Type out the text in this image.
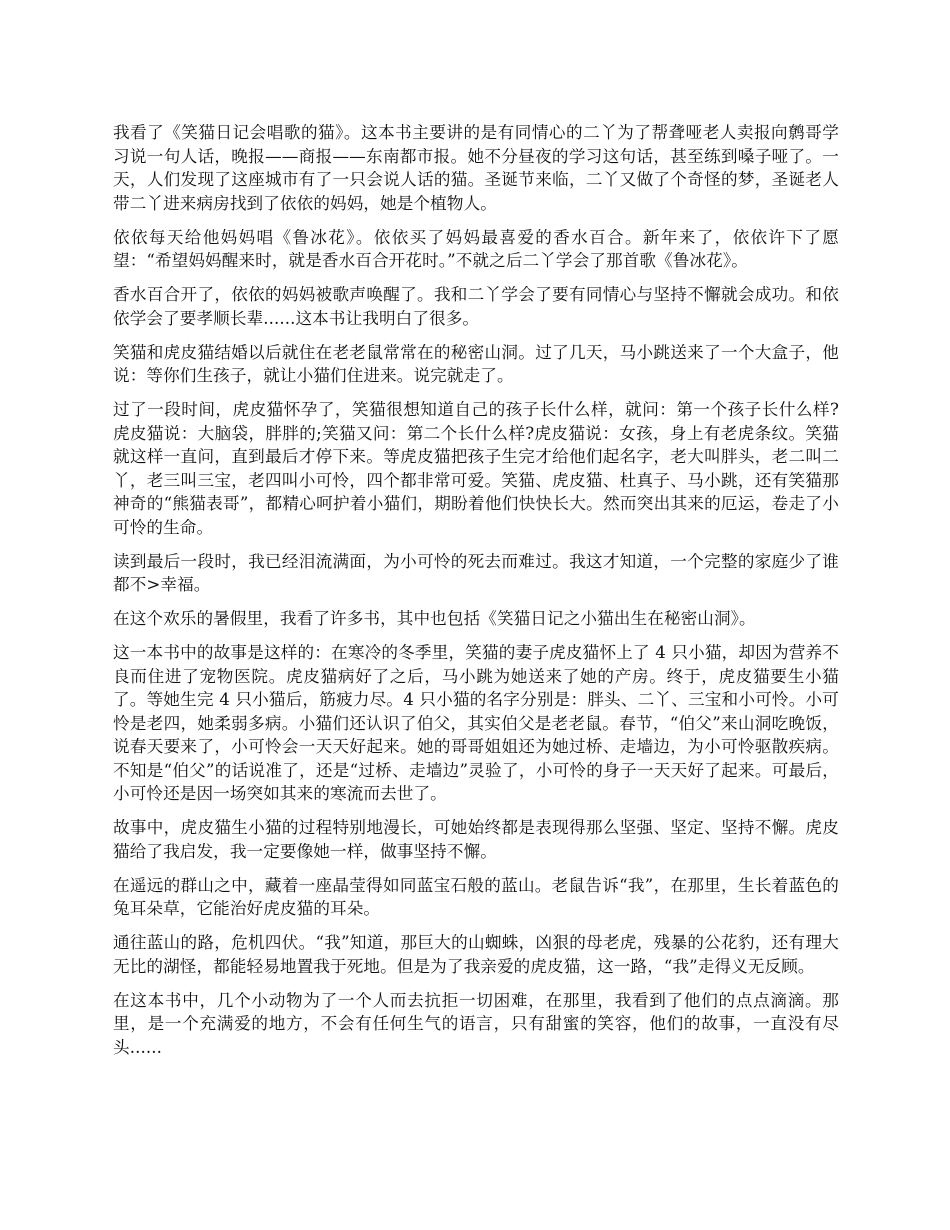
我看了《笑猫日记会唱歌的猫》。这本书主要讲的是有同情心的二丫为了帮聋哑老人卖报向鹩哥学习说一句人话，晚报——商报——东南都市报。她不分昼夜的学习这句话，甚至练到嗓子哑了。一天，人们发现了这座城市有了一只会说人话的猫。圣诞节来临，二丫又做了个奇怪的梦，圣诞老人带二丫进来病房找到了依依的妈妈，她是个植物人。

依依每天给他妈妈唱《鲁冰花》。依依买了妈妈最喜爱的香水百合。新年来了，依依许下了愿望：“希望妈妈醒来时，就是香水百合开花时。”不就之后二丫学会了那首歌《鲁冰花》。

香水百合开了，依依的妈妈被歌声唤醒了。我和二丫学会了要有同情心与坚持不懈就会成功。和依依学会了要孝顺长辈......这本书让我明白了很多。

笑猫和虎皮猫结婚以后就住在老老鼠常常在的秘密山洞。过了几天，马小跳送来了一个大盒子，他说：等你们生孩子，就让小猫们住进来。说完就走了。

过了一段时间，虎皮猫怀孕了，笑猫很想知道自己的孩子长什么样，就问：第一个孩子长什么样?虎皮猫说：大脑袋，胖胖的;笑猫又问：第二个长什么样?虎皮猫说：女孩，身上有老虎条纹。笑猫就这样一直问，直到最后才停下来。等虎皮猫把孩子生完才给他们起名字，老大叫胖头，老二叫二丫，老三叫三宝，老四叫小可怜，四个都非常可爱。笑猫、虎皮猫、杜真子、马小跳，还有笑猫那神奇的“熊猫表哥”，都精心呵护着小猫们，期盼着他们快快长大。然而突出其来的厄运，卷走了小可怜的生命。

读到最后一段时，我已经泪流满面，为小可怜的死去而难过。我这才知道，一个完整的家庭少了谁都不>幸福。

在这个欢乐的暑假里，我看了许多书，其中也包括《笑猫日记之小猫出生在秘密山洞》。

这一本书中的故事是这样的：在寒冷的冬季里，笑猫的妻子虎皮猫怀上了 4 只小猫，却因为营养不良而住进了宠物医院。虎皮猫病好了之后，马小跳为她送来了她的产房。终于，虎皮猫要生小猫了。等她生完 4 只小猫后，筋疲力尽。4 只小猫的名字分别是：胖头、二丫、三宝和小可怜。小可怜是老四，她柔弱多病。小猫们还认识了伯父，其实伯父是老老鼠。春节，“伯父”来山洞吃晚饭，说春天要来了，小可怜会一天天好起来。她的哥哥姐姐还为她过桥、走墙边，为小可怜驱散疾病。不知是“伯父”的话说准了，还是“过桥、走墙边”灵验了，小可怜的身子一天天好了起来。可最后，小可怜还是因一场突如其来的寒流而去世了。

故事中，虎皮猫生小猫的过程特别地漫长，可她始终都是表现得那么坚强、坚定、坚持不懈。虎皮猫给了我启发，我一定要像她一样，做事坚持不懈。

在遥远的群山之中，藏着一座晶莹得如同蓝宝石般的蓝山。老鼠告诉“我”，在那里，生长着蓝色的兔耳朵草，它能治好虎皮猫的耳朵。

通往蓝山的路，危机四伏。“我”知道，那巨大的山蜘蛛，凶狠的母老虎，残暴的公花豹，还有理大无比的湖怪，都能轻易地置我于死地。但是为了我亲爱的虎皮猫，这一路，“我”走得义无反顾。

在这本书中，几个小动物为了一个人而去抗拒一切困难，在那里，我看到了他们的点点滴滴。那里，是一个充满爱的地方，不会有任何生气的语言，只有甜蜜的笑容，他们的故事，一直没有尽头......
